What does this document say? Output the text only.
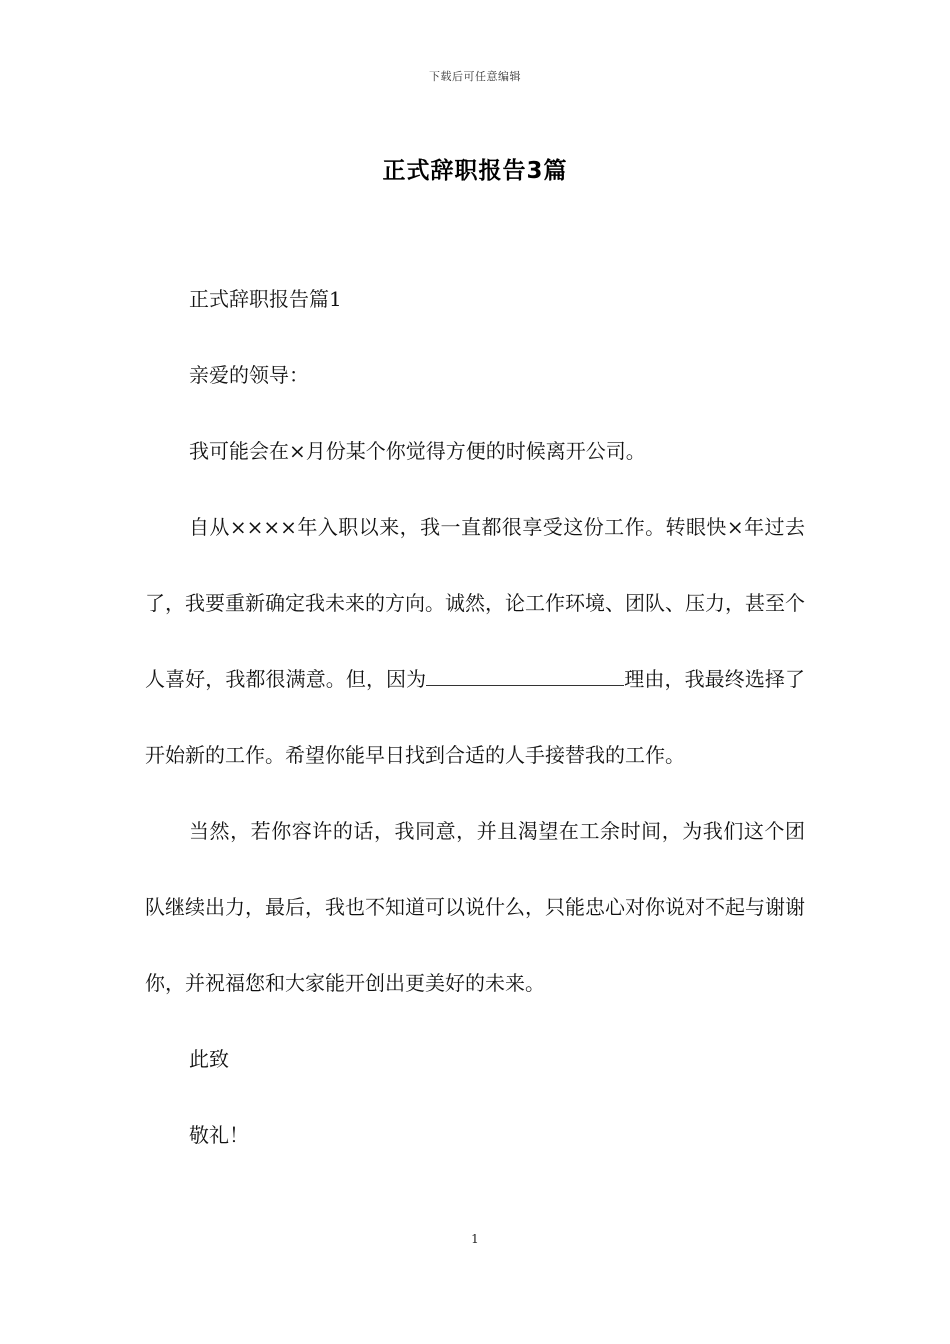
下载后可任意编辑
正式辞职报告3篇

正式辞职报告篇1

亲爱的领导：

我可能会在×月份某个你觉得方便的时候离开公司。

自从××××年入职以来，我一直都很享受这份工作。转眼快×年过去了，我要重新确定我未来的方向。诚然，论工作环境、团队、压力，甚至个人喜好，我都很满意。但，因为	理由，我最终选择了开始新的工作。希望你能早日找到合适的人手接替我的工作。

当然，若你容许的话，我同意，并且渴望在工余时间，为我们这个团队继续出力，最后，我也不知道可以说什么，只能忠心对你说对不起与谢谢你，并祝福您和大家能开创出更美好的未来。

此致

敬礼！

1
